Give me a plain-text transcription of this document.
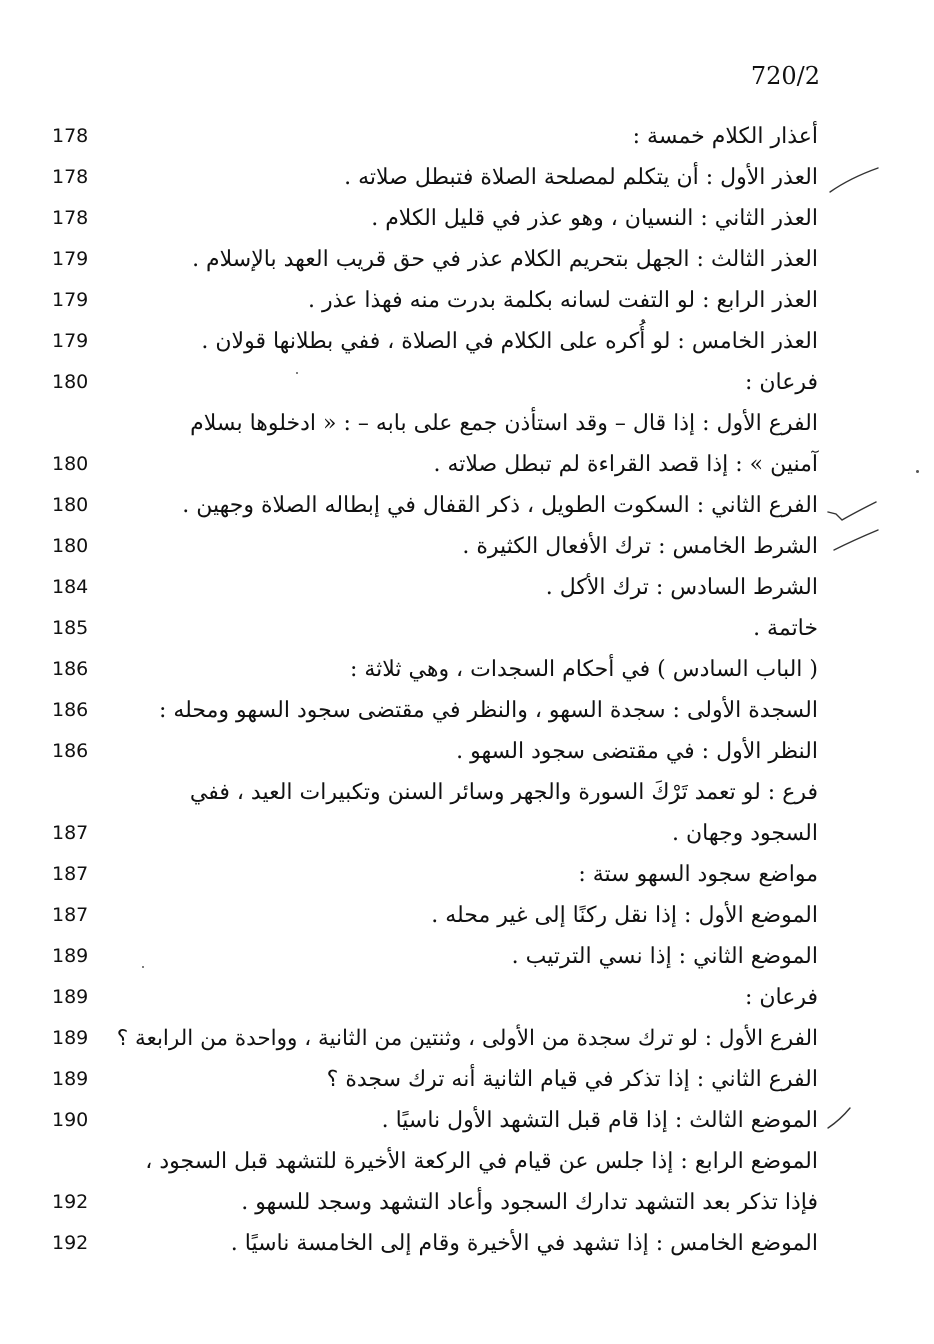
720/2
أعذار الكلام خمسة :
178
العذر الأول : أن يتكلم لمصلحة الصلاة فتبطل صلاته .
178
العذر الثاني : النسيان ، وهو عذر في قليل الكلام .
178
العذر الثالث : الجهل بتحريم الكلام عذر في حق قريب العهد بالإسلام .
179
العذر الرابع : لو التفت لسانه بكلمة بدرت منه فهذا عذر .
179
العذر الخامس : لو أُكره على الكلام في الصلاة ، ففي بطلانها قولان .
179
فرعان :
180
الفرع الأول : إذا قال – وقد استأذن جمع على بابه – : « ادخلوها بسلام
آمنين » : إذا قصد القراءة لم تبطل صلاته .
180
الفرع الثاني : السكوت الطويل ، ذكر القفال في إبطاله الصلاة وجهين .
180
الشرط الخامس : ترك الأفعال الكثيرة .
180
الشرط السادس : ترك الأكل .
184
خاتمة .
185
( الباب السادس ) في أحكام السجدات ، وهي ثلاثة :
186
السجدة الأولى : سجدة السهو ، والنظر في مقتضى سجود السهو ومحله :
186
النظر الأول : في مقتضى سجود السهو .
186
فرع : لو تعمد تَرْكَ السورة والجهر وسائر السنن وتكبيرات العيد ، ففي
السجود وجهان .
187
مواضع سجود السهو ستة :
187
الموضع الأول : إذا نقل ركنًا إلى غير محله .
187
الموضع الثاني : إذا نسي الترتيب .
189
فرعان :
189
الفرع الأول : لو ترك سجدة من الأولى ، وثنتين من الثانية ، وواحدة من الرابعة ؟
189
الفرع الثاني : إذا تذكر في قيام الثانية أنه ترك سجدة ؟
189
الموضع الثالث : إذا قام قبل التشهد الأول ناسيًا .
190
الموضع الرابع : إذا جلس عن قيام في الركعة الأخيرة للتشهد قبل السجود ،
فإذا تذكر بعد التشهد تدارك السجود وأعاد التشهد وسجد للسهو .
192
الموضع الخامس : إذا تشهد في الأخيرة وقام إلى الخامسة ناسيًا .
192
